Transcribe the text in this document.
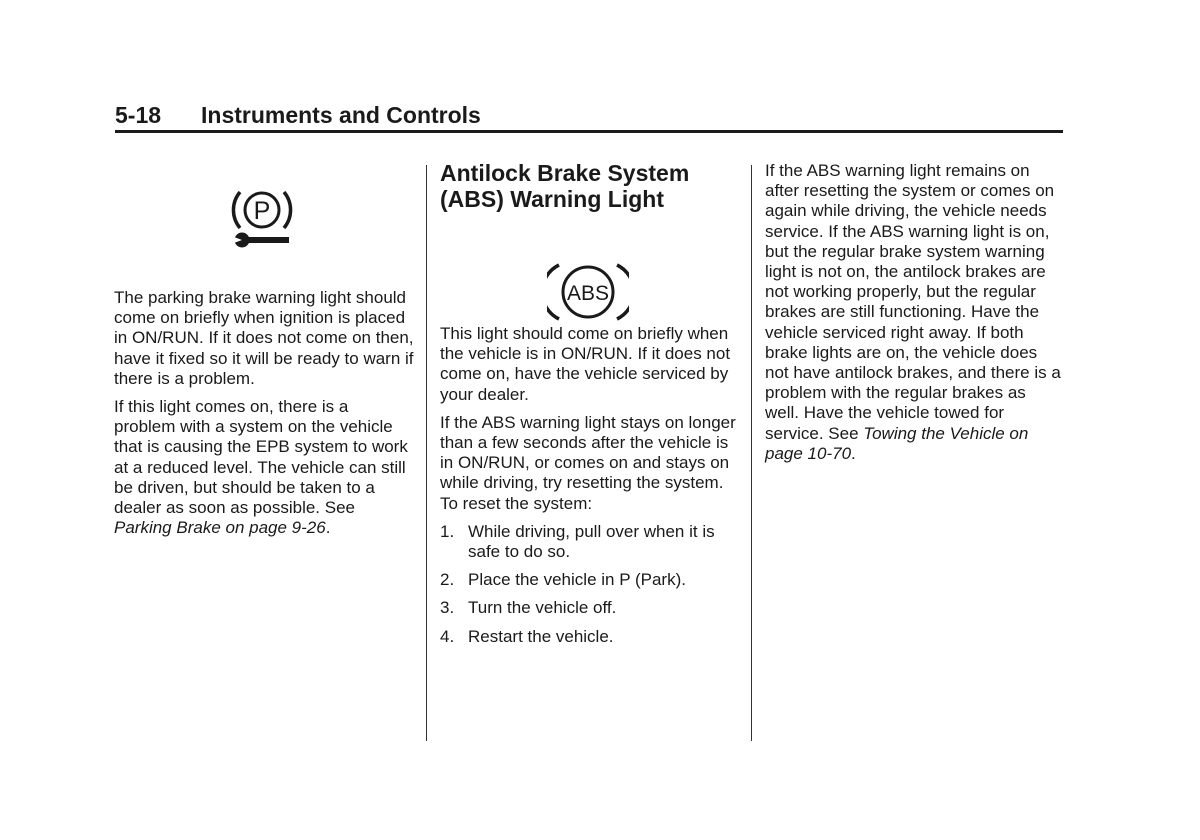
5-18 Instruments and Controls
P

The parking brake warning light should come on briefly when ignition is placed in ON/RUN. If it does not come on then, have it fixed so it will be ready to warn if there is a problem.

If this light comes on, there is a problem with a system on the vehicle that is causing the EPB system to work at a reduced level. The vehicle can still be driven, but should be taken to a dealer as soon as possible. See Parking Brake on page 9-26.

Antilock Brake System (ABS) Warning Light

This light should come on briefly when the vehicle is in ON/RUN. If it does not come on, have the vehicle serviced by your dealer.

If the ABS warning light stays on longer than a few seconds after the vehicle is in ON/RUN, or comes on and stays on while driving, try resetting the system. To reset the system:

1. While driving, pull over when it is safe to do so.
2. Place the vehicle in P (Park).
3. Turn the vehicle off.
4. Restart the vehicle.
ABS

If the ABS warning light remains on after resetting the system or comes on again while driving, the vehicle needs service. If the ABS warning light is on, but the regular brake system warning light is not on, the antilock brakes are not working properly, but the regular brakes are still functioning. Have the vehicle serviced right away. If both brake lights are on, the vehicle does not have antilock brakes, and there is a problem with the regular brakes as well. Have the vehicle towed for service. See Towing the Vehicle on page 10-70.
